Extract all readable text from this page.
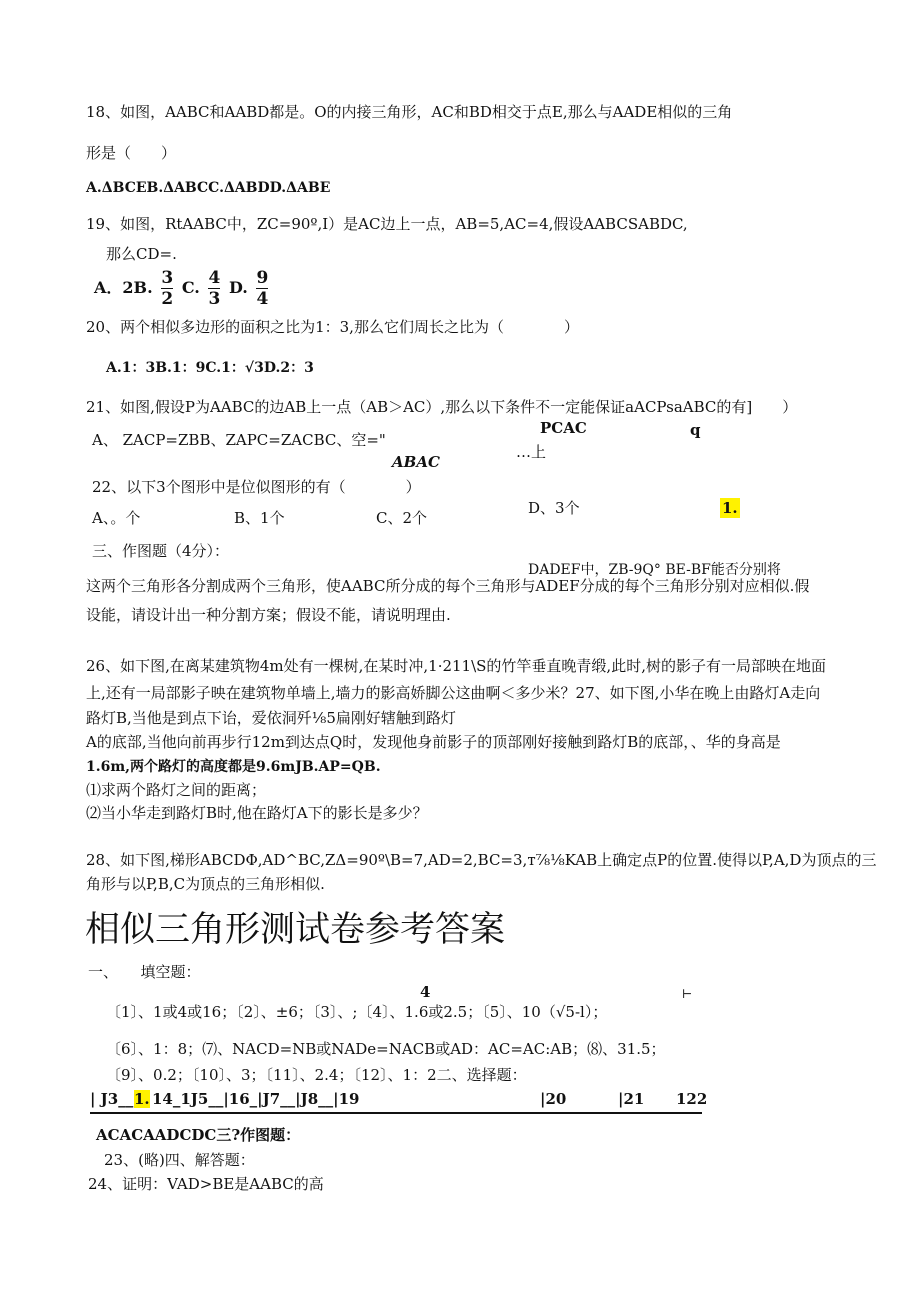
18、如图，AABC和AABD都是。O的内接三角形，AC和BD相交于点E,那么与AADE相似的三角
形是（　　）
A.ΔBCEB.ΔABCC.ΔABDD.ΔABE
19、如图，RtAABC中，ZC=90º,I）是AC边上一点，AB=5,AC=4,假设AABCSABDC,
那么CD=.
A．2B. $\frac{3}{2} C$. $\frac{4}{3} D$. $\frac{9}{4}$
20、两个相似多边形的面积之比为1：3,那么它们周长之比为（　　　　）
A.1：3B.1：9C.1：√3D.2：3
21、如图,假设P为AABC的边AB上一点（AB＞AC）,那么以下条件不一定能保证aACPsaABC的有]　　）
PCAC	q
A、 ZACP=ZBB、ZAPC=ZACBC、空="
…上
ABAC
22、以下3个图形中是位似图形的有（　　　　）
D、3个	1.
A、。个	B、1个	C、2个
三、作图题（4分）：
DADEF中，ZB-9Q° BE-BF能否分别将
这两个三角形各分割成两个三角形，使AABC所分成的每个三角形与ADEF分成的每个三角形分别对应相似.假
设能，请设计出一种分割方案；假设不能，请说明理由.
26、如下图,在离某建筑物4m处有一棵树,在某时冲,1·211\S的竹竿垂直晚青缎,此时,树的影子有一局部映在地面
上,还有一局部影子映在建筑物单墙上,墙力的影高娇脚公这曲啊＜多少米？27、如下图,小华在晚上由路灯A走向
路灯B,当他是到点下诒，爱依洞歼⅛5扁刚好辖触到路灯
A的底部,当他向前再步行12m到达点Q时，发现他身前影子的顶部刚好接触到路灯B的底部，、华的身高是
1.6m,两个路灯的高度都是9.6mJB.AP=QB.
⑴求两个路灯之间的距离；
⑵当小华走到路灯B时,他在路灯A下的影长是多少？
28、如下图,梯形ABCDΦ,AD^BC,ZΔ=90º\B=7,AD=2,BC=3,т⅞⅛KAB上确定点P的位置.使得以P,A,D为顶点的三
角形与以P,B,C为顶点的三角形相似.
相似三角形测试卷参考答案
一、　　填空题：
4	⊢
〔1〕、1或4或16；〔2〕、±6；〔3〕、;〔4〕、1.6或2.5；〔5〕、10（√5-l）；
〔6〕、1：8；⑺、NACD=NB或NADe=NACB或AD：AC=AC:AB；⑻、31.5；
〔9〕、0.2；〔10〕、3；〔11〕、2.4；〔12〕、1：2二、选择题：
| J3__ 1. 14_1J5__|16_|J7__|J8__|19	|20	|21 122
ACACAADCDC三?作图题：
23、(略)四、解答题：
24、证明：VAD>BE是AABC的高
